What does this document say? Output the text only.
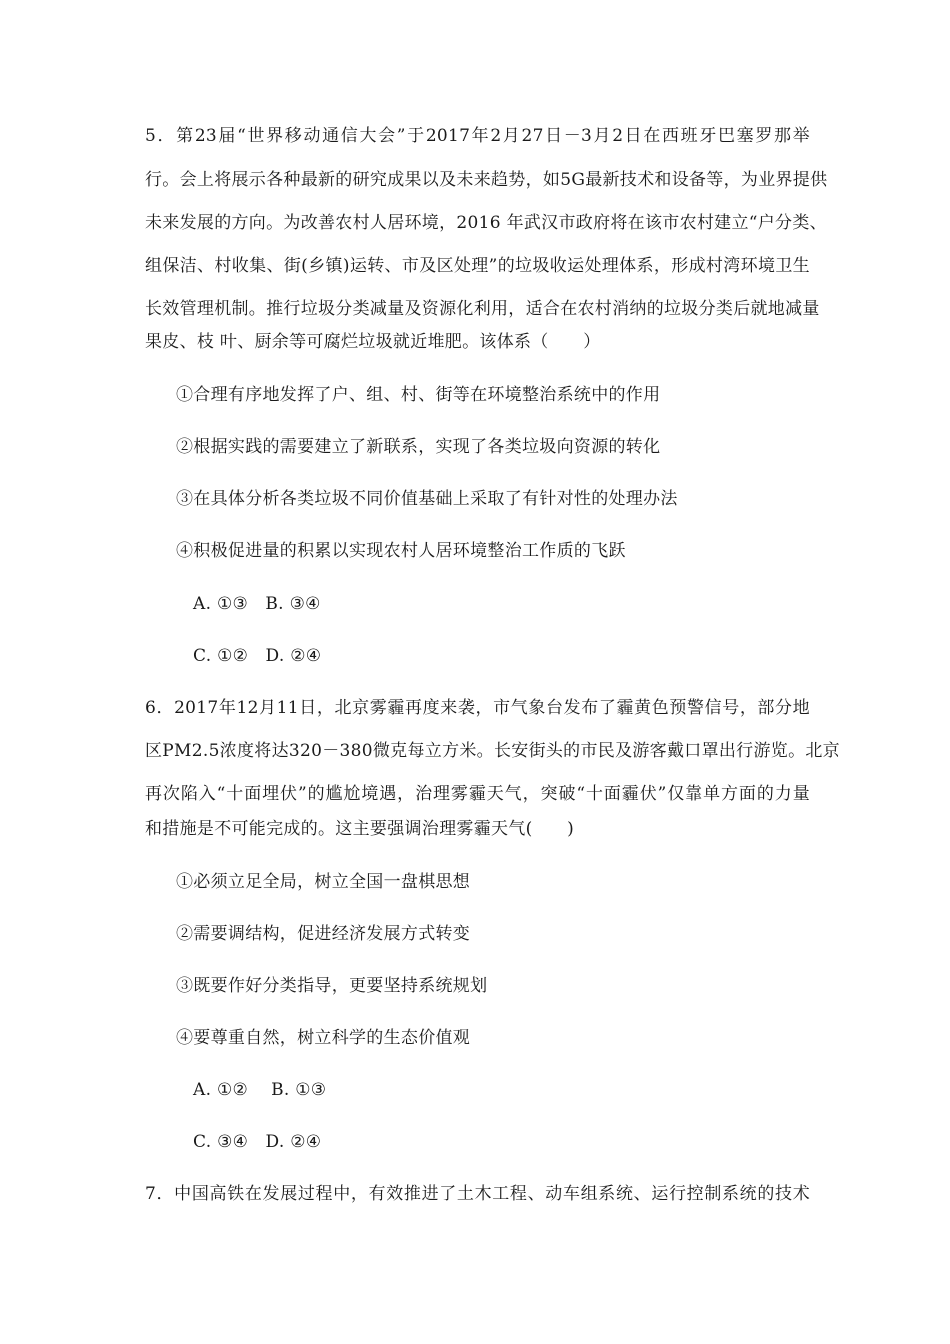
5．第23届“世界移动通信大会”于2017年2月27日－3月2日在西班牙巴塞罗那举
行。会上将展示各种最新的研究成果以及未来趋势，如5G最新技术和设备等，为业界提供
未来发展的方向。为改善农村人居环境，2016 年武汉市政府将在该市农村建立“户分类、
组保洁、村收集、街(乡镇)运转、市及区处理”的垃圾收运处理体系，形成村湾环境卫生
长效管理机制。推行垃圾分类减量及资源化利用，适合在农村消纳的垃圾分类后就地减量
果皮、枝 叶、厨余等可腐烂垃圾就近堆肥。该体系（　　）
①合理有序地发挥了户、组、村、街等在环境整治系统中的作用
②根据实践的需要建立了新联系，实现了各类垃圾向资源的转化
③在具体分析各类垃圾不同价值基础上采取了有针对性的处理办法
④积极促进量的积累以实现农村人居环境整治工作质的飞跃
A. ①③　B. ③④
C. ①②　D. ②④
6．2017年12月11日，北京雾霾再度来袭，市气象台发布了霾黄色预警信号，部分地
区PM2.5浓度将达320－380微克每立方米。长安街头的市民及游客戴口罩出行游览。北京
再次陷入“十面埋伏”的尴尬境遇，治理雾霾天气，突破“十面霾伏”仅靠单方面的力量
和措施是不可能完成的。这主要强调治理雾霾天气(　　)
①必须立足全局，树立全国一盘棋思想
②需要调结构，促进经济发展方式转变
③既要作好分类指导，更要坚持系统规划
④要尊重自然，树立科学的生态价值观
A. ①②　 B. ①③
C. ③④　D. ②④
7．中国高铁在发展过程中，有效推进了土木工程、动车组系统、运行控制系统的技术
